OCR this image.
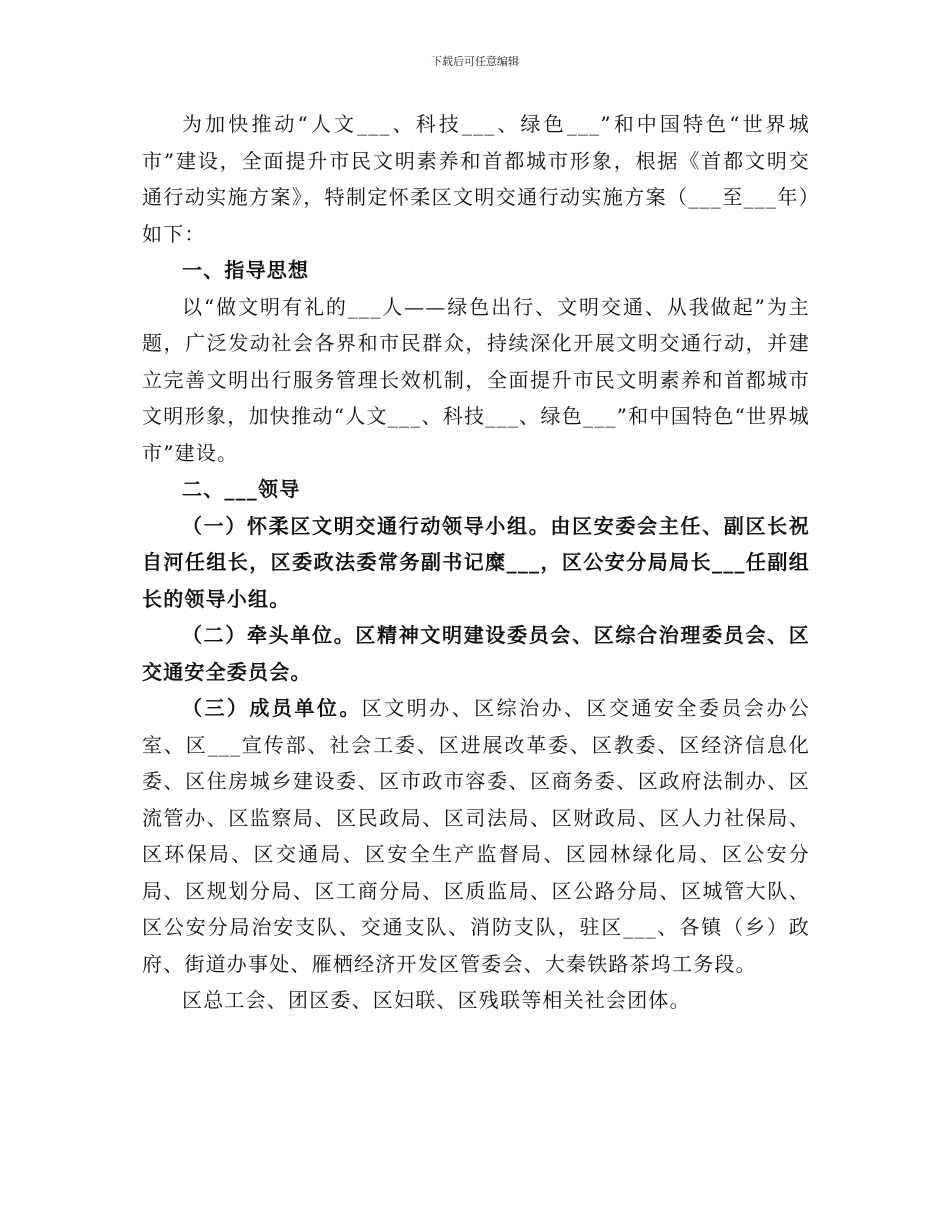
下载后可任意编辑

为加快推动“人文___、科技___、绿色___”和中国特色“世界城市”建设，全面提升市民文明素养和首都城市形象，根据《首都文明交通行动实施方案》，特制定怀柔区文明交通行动实施方案（___至___年）如下：

一、指导思想

以“做文明有礼的___人——绿色出行、文明交通、从我做起”为主题，广泛发动社会各界和市民群众，持续深化开展文明交通行动，并建立完善文明出行服务管理长效机制，全面提升市民文明素养和首都城市文明形象，加快推动“人文___、科技___、绿色___”和中国特色“世界城市”建设。

二、___领导

（一）怀柔区文明交通行动领导小组。由区安委会主任、副区长祝自河任组长，区委政法委常务副书记糜___，区公安分局局长___任副组长的领导小组。

（二）牵头单位。区精神文明建设委员会、区综合治理委员会、区交通安全委员会。

（三）成员单位。区文明办、区综治办、区交通安全委员会办公室、区___宣传部、社会工委、区进展改革委、区教委、区经济信息化委、区住房城乡建设委、区市政市容委、区商务委、区政府法制办、区流管办、区监察局、区民政局、区司法局、区财政局、区人力社保局、区环保局、区交通局、区安全生产监督局、区园林绿化局、区公安分局、区规划分局、区工商分局、区质监局、区公路分局、区城管大队、区公安分局治安支队、交通支队、消防支队，驻区___、各镇（乡）政府、街道办事处、雁栖经济开发区管委会、大秦铁路茶坞工务段。

区总工会、团区委、区妇联、区残联等相关社会团体。
